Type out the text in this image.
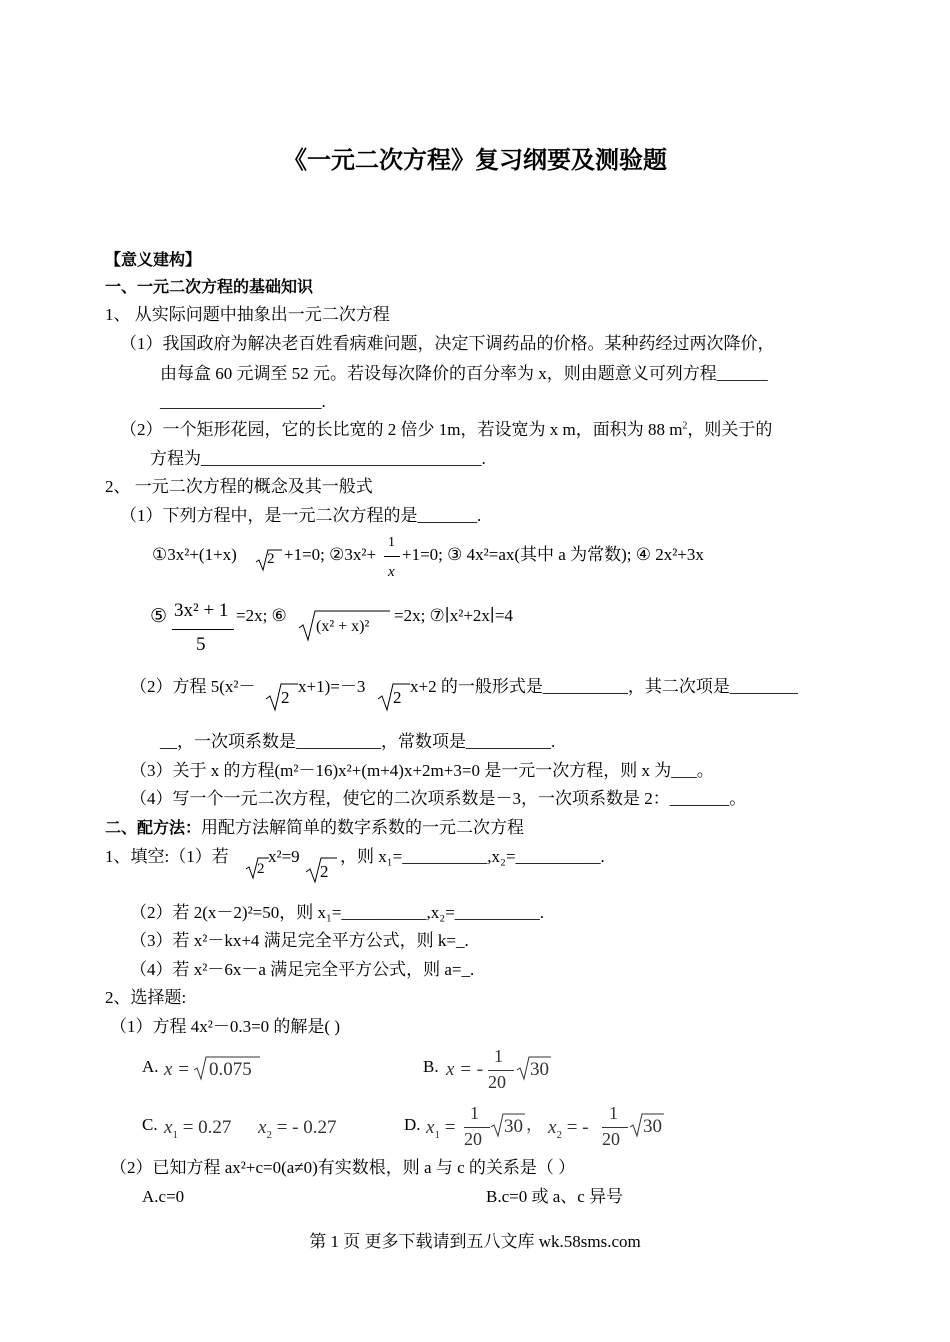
《一元二次方程》复习纲要及测验题
【意义建构】
一、一元二次方程的基础知识
1、 从实际问题中抽象出一元二次方程
（1）我国政府为解决老百姓看病难问题，决定下调药品的价格。某种药经过两次降价，
由每盒 60 元调至 52 元。若设每次降价的百分率为 x，则由题意义可列方程______
___________________.
（2）一个矩形花园，它的长比宽的 2 倍少 1m，若设宽为 x m，面积为 88 $m^2$，则关于的
方程为_________________________________.
2、 一元二次方程的概念及其一般式
（1）下列方程中，是一元二次方程的是_______.
①3x²+(1+x) 2 +1=0; ②3x²+
1
x
+1=0; ③ 4x²=ax(其中 a 为常数); ④ 2x²+3x
⑤ 3x² + 1
5
=2x; ⑥
(x² + x)²
=2x; ⑦∣x²+2x∣=4
（2）方程 5(x²－
2
x+1)=－3
2
x+2 的一般形式是__________，其二次项是________
__，一次项系数是__________，常数项是__________.
（3）关于 x 的方程(m²－16)x²+(m+4)x+2m+3=0 是一元一次方程，则 x 为___。
（4）写一个一元二次方程，使它的二次项系数是－3，一次项系数是 2：_______。
二、配方法：用配方法解简单的数字系数的一元二次方程
1、填空:（1）若
2
x²=9
2
，则 x₁=__________,x₂=__________.
（2）若 2(x－2)²=50，则 x₁=__________,x₂=__________.
（3）若 x²－kx+4 满足完全平方公式，则 k=_.
（4）若 x²－6x－a 满足完全平方公式，则 a=_.
2、选择题:
（1）方程 4x²－0.3=0 的解是( )
A. x = 0.075	B. x = -
1
20
30
C. $x_1 = 0.27$ $x_2$ = - 0.27	D. $x_1$ =
1
20
30 ， $x_2$ = -
1
20
30
（2）已知方程 ax²+c=0(a≠0)有实数根，则 a 与 c 的关系是（ ）
A.c=0	B.c=0 或 a、c 异号
第 1 页 更多下载请到五八文库 wk.58sms.com
